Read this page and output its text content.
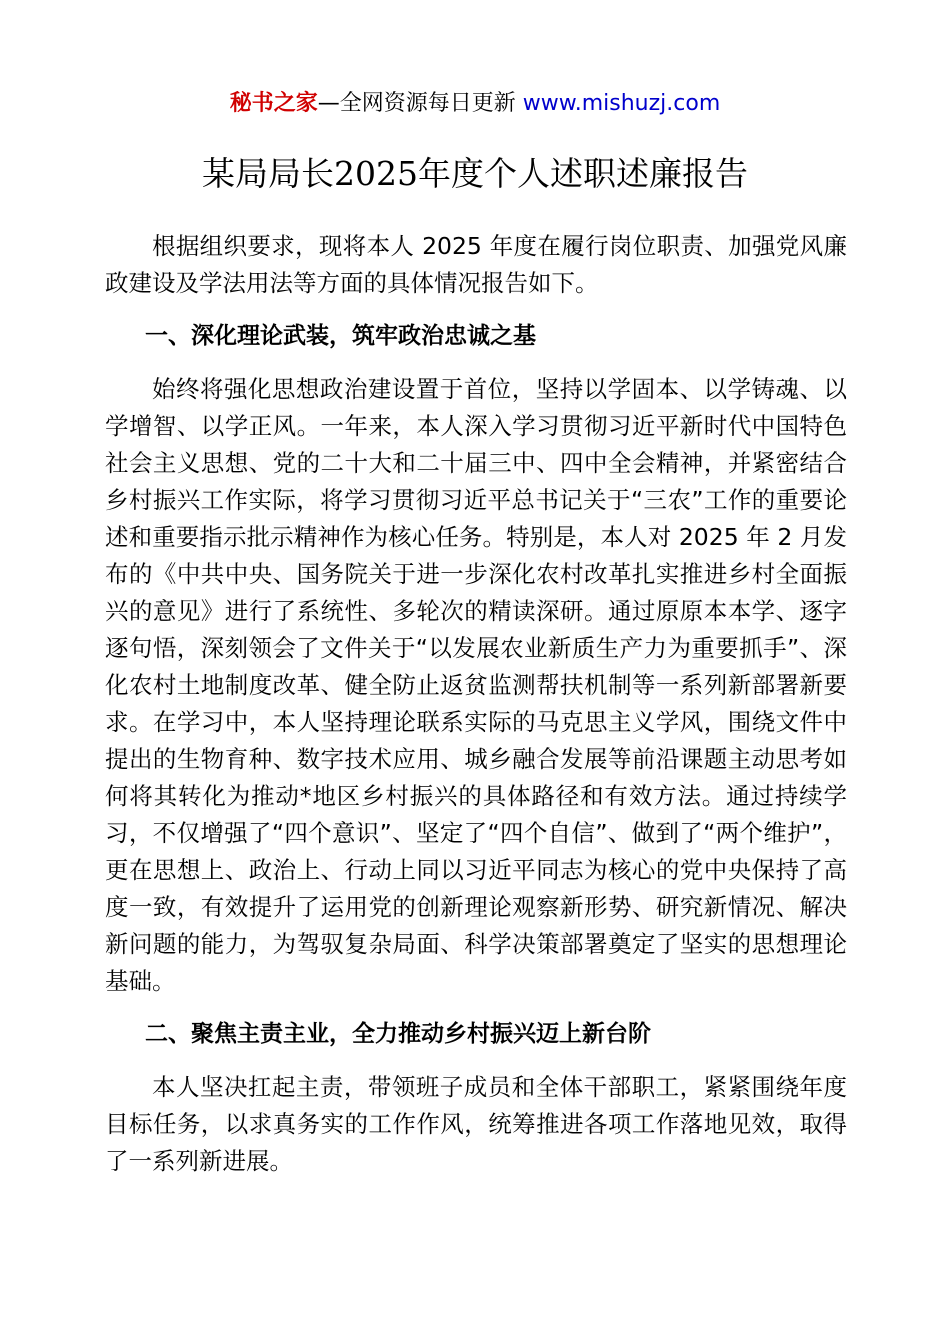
秘书之家—全网资源每日更新 www.mishuzj.com
某局局长2025年度个人述职述廉报告

根据组织要求，现将本人 2025 年度在履行岗位职责、加强党风廉政建设及学法用法等方面的具体情况报告如下。

一、深化理论武装，筑牢政治忠诚之基

始终将强化思想政治建设置于首位，坚持以学固本、以学铸魂、以学增智、以学正风。一年来，本人深入学习贯彻习近平新时代中国特色社会主义思想、党的二十大和二十届三中、四中全会精神，并紧密结合乡村振兴工作实际，将学习贯彻习近平总书记关于“三农”工作的重要论述和重要指示批示精神作为核心任务。特别是，本人对 2025 年 2 月发布的《中共中央、国务院关于进一步深化农村改革扎实推进乡村全面振兴的意见》进行了系统性、多轮次的精读深研。通过原原本本学、逐字逐句悟，深刻领会了文件关于“以发展农业新质生产力为重要抓手”、深化农村土地制度改革、健全防止返贫监测帮扶机制等一系列新部署新要求。在学习中，本人坚持理论联系实际的马克思主义学风，围绕文件中提出的生物育种、数字技术应用、城乡融合发展等前沿课题主动思考如何将其转化为推动*地区乡村振兴的具体路径和有效方法。通过持续学习，不仅增强了“四个意识”、坚定了“四个自信”、做到了“两个维护”，更在思想上、政治上、行动上同以习近平同志为核心的党中央保持了高度一致，有效提升了运用党的创新理论观察新形势、研究新情况、解决新问题的能力，为驾驭复杂局面、科学决策部署奠定了坚实的思想理论基础。

二、聚焦主责主业，全力推动乡村振兴迈上新台阶

本人坚决扛起主责，带领班子成员和全体干部职工，紧紧围绕年度目标任务，以求真务实的工作作风，统筹推进各项工作落地见效，取得了一系列新进展。
